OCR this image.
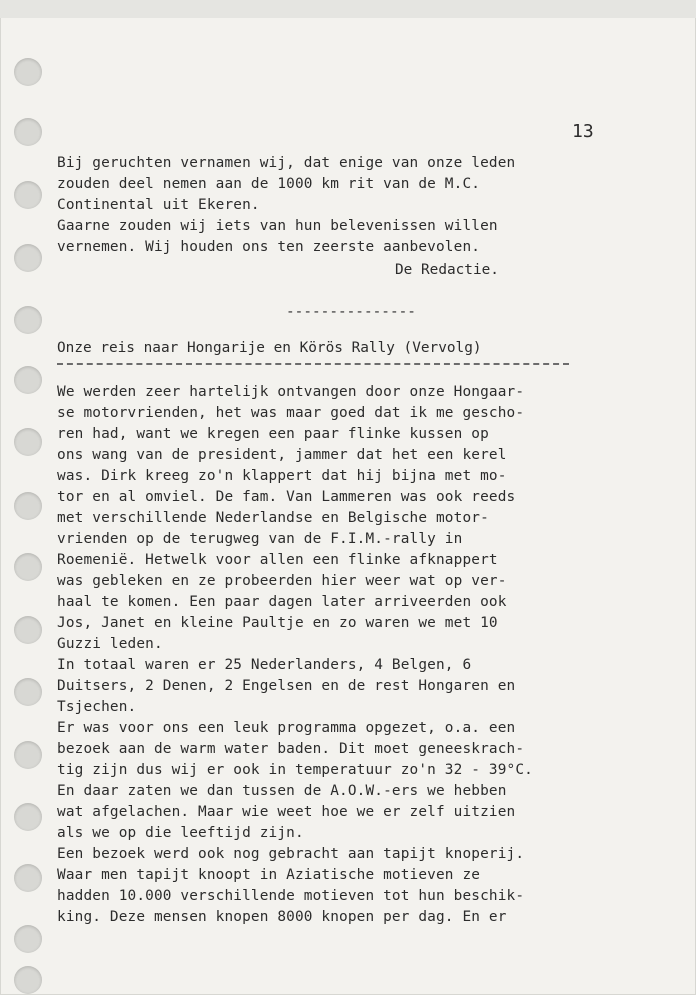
13
Bij geruchten vernamen wij, dat enige van onze leden
zouden deel nemen aan de 1000 km rit van de M.C.
Continental uit Ekeren.
Gaarne zouden wij iets van hun belevenissen willen
vernemen. Wij houden ons ten zeerste aanbevolen.
De Redactie.
---------------
Onze reis naar Hongarije en Körös Rally (Vervolg)
We werden zeer hartelijk ontvangen door onze Hongaar-
se motorvrienden, het was maar goed dat ik me gescho-
ren had, want we kregen een paar flinke kussen op
ons wang van de president, jammer dat het een kerel
was. Dirk kreeg zo'n klappert dat hij bijna met mo-
tor en al omviel. De fam. Van Lammeren was ook reeds
met verschillende Nederlandse en Belgische motor-
vrienden op de terugweg van de F.I.M.-rally in
Roemenië. Hetwelk voor allen een flinke afknappert
was gebleken en ze probeerden hier weer wat op ver-
haal te komen. Een paar dagen later arriveerden ook
Jos, Janet en kleine Paultje en zo waren we met 10
Guzzi leden.
In totaal waren er 25 Nederlanders, 4 Belgen, 6
Duitsers, 2 Denen, 2 Engelsen en de rest Hongaren en
Tsjechen.
Er was voor ons een leuk programma opgezet, o.a. een
bezoek aan de warm water baden. Dit moet geneeskrach-
tig zijn dus wij er ook in temperatuur zo'n 32 - 39°C.
En daar zaten we dan tussen de A.O.W.-ers we hebben
wat afgelachen. Maar wie weet hoe we er zelf uitzien
als we op die leeftijd zijn.
Een bezoek werd ook nog gebracht aan tapijt knoperij.
Waar men tapijt knoopt in Aziatische motieven ze
hadden 10.000 verschillende motieven tot hun beschik-
king. Deze mensen knopen 8000 knopen per dag. En er
